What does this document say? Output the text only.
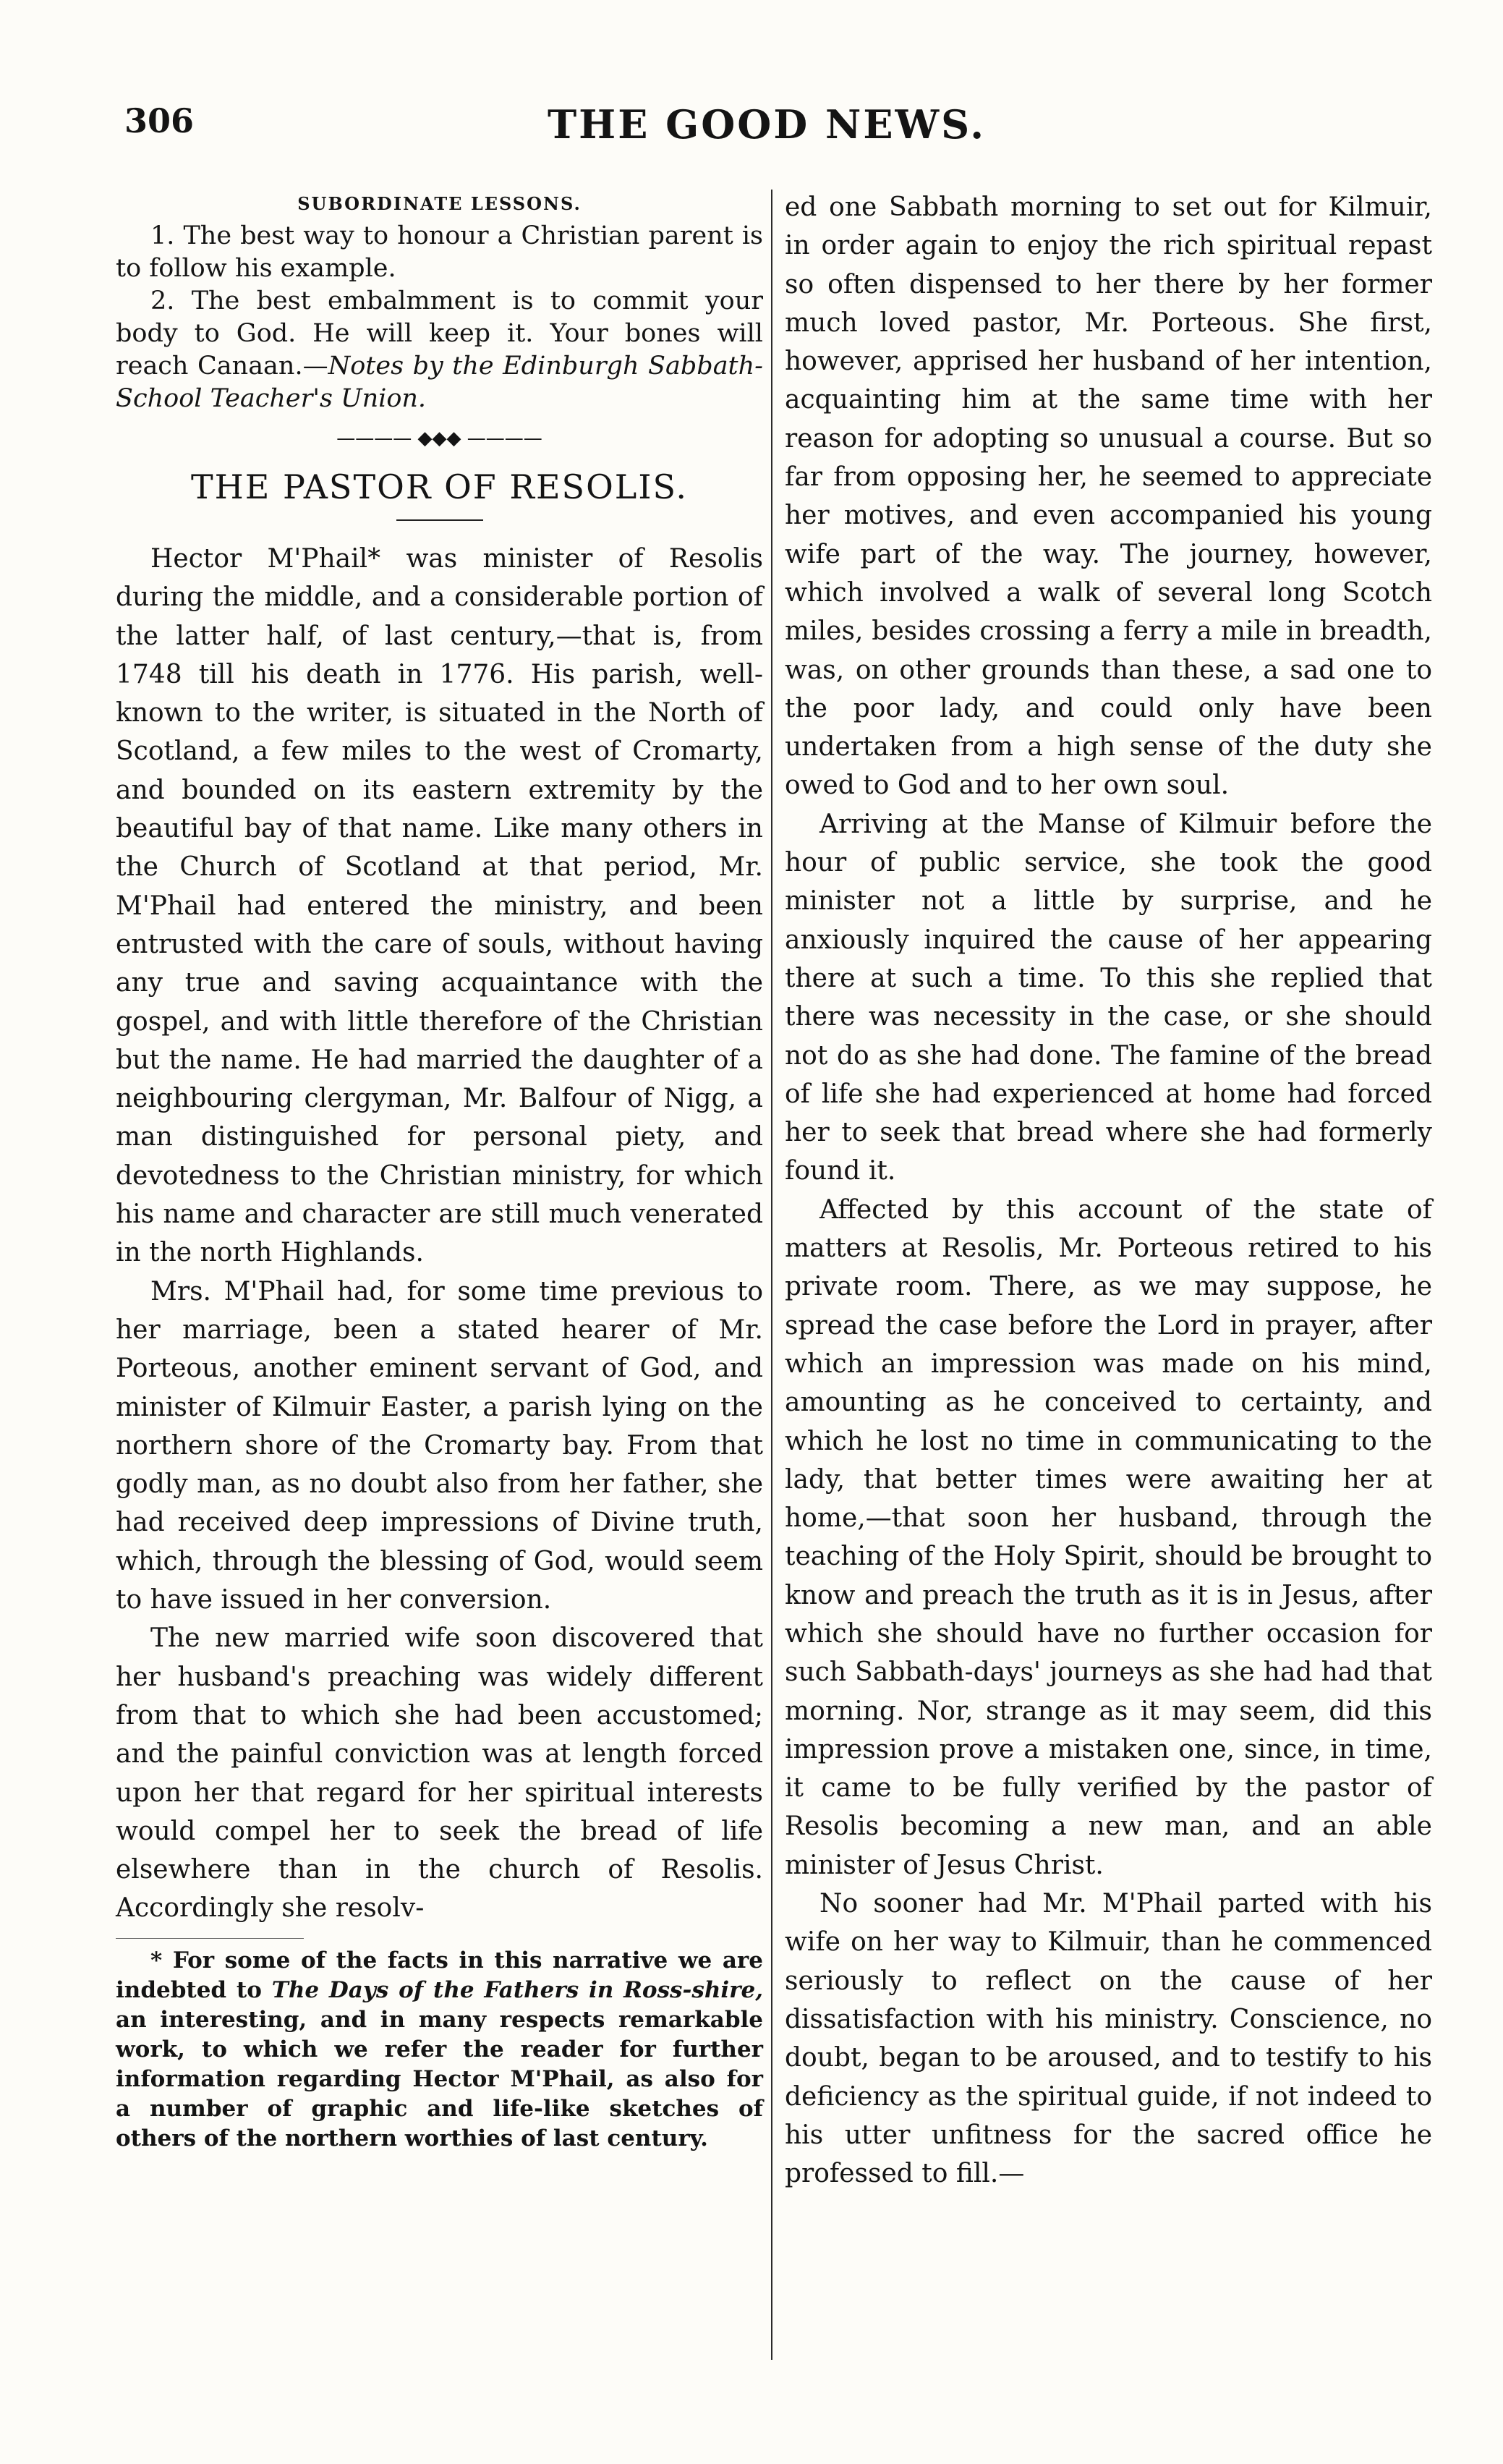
306	THE GOOD NEWS.

SUBORDINATE LESSONS.

1. The best way to honour a Christian parent is to follow his example.

2. The best embalmment is to commit your body to God. He will keep it. Your bones will reach Canaan.—Notes by the Edinburgh Sabbath-School Teacher's Union.

———— ◆◆◆ ————

THE PASTOR OF RESOLIS.

Hector M'Phail* was minister of Resolis during the middle, and a considerable portion of the latter half, of last century,—that is, from 1748 till his death in 1776. His parish, well-known to the writer, is situated in the North of Scotland, a few miles to the west of Cromarty, and bounded on its eastern extremity by the beautiful bay of that name. Like many others in the Church of Scotland at that period, Mr. M'Phail had entered the ministry, and been entrusted with the care of souls, without having any true and saving acquaintance with the gospel, and with little therefore of the Christian but the name. He had married the daughter of a neighbouring clergyman, Mr. Balfour of Nigg, a man distinguished for personal piety, and devotedness to the Christian ministry, for which his name and character are still much venerated in the north Highlands.

Mrs. M'Phail had, for some time previous to her marriage, been a stated hearer of Mr. Porteous, another eminent servant of God, and minister of Kilmuir Easter, a parish lying on the northern shore of the Cromarty bay. From that godly man, as no doubt also from her father, she had received deep impressions of Divine truth, which, through the blessing of God, would seem to have issued in her conversion.

The new married wife soon discovered that her husband's preaching was widely different from that to which she had been accustomed; and the painful conviction was at length forced upon her that regard for her spiritual interests would compel her to seek the bread of life elsewhere than in the church of Resolis. Accordingly she resolv-

* For some of the facts in this narrative we are indebted to The Days of the Fathers in Ross-shire, an interesting, and in many respects remarkable work, to which we refer the reader for further information regarding Hector M'Phail, as also for a number of graphic and life-like sketches of others of the northern worthies of last century.

ed one Sabbath morning to set out for Kilmuir, in order again to enjoy the rich spiritual repast so often dispensed to her there by her former much loved pastor, Mr. Porteous. She first, however, apprised her husband of her intention, acquainting him at the same time with her reason for adopting so unusual a course. But so far from opposing her, he seemed to appreciate her motives, and even accompanied his young wife part of the way. The journey, however, which involved a walk of several long Scotch miles, besides crossing a ferry a mile in breadth, was, on other grounds than these, a sad one to the poor lady, and could only have been undertaken from a high sense of the duty she owed to God and to her own soul.

Arriving at the Manse of Kilmuir before the hour of public service, she took the good minister not a little by surprise, and he anxiously inquired the cause of her appearing there at such a time. To this she replied that there was necessity in the case, or she should not do as she had done. The famine of the bread of life she had experienced at home had forced her to seek that bread where she had formerly found it.

Affected by this account of the state of matters at Resolis, Mr. Porteous retired to his private room. There, as we may suppose, he spread the case before the Lord in prayer, after which an impression was made on his mind, amounting as he conceived to certainty, and which he lost no time in communicating to the lady, that better times were awaiting her at home,—that soon her husband, through the teaching of the Holy Spirit, should be brought to know and preach the truth as it is in Jesus, after which she should have no further occasion for such Sabbath-days' journeys as she had had that morning. Nor, strange as it may seem, did this impression prove a mistaken one, since, in time, it came to be fully verified by the pastor of Resolis becoming a new man, and an able minister of Jesus Christ.

No sooner had Mr. M'Phail parted with his wife on her way to Kilmuir, than he commenced seriously to reflect on the cause of her dissatisfaction with his ministry. Conscience, no doubt, began to be aroused, and to testify to his deficiency as the spiritual guide, if not indeed to his utter unfitness for the sacred office he professed to fill.—
